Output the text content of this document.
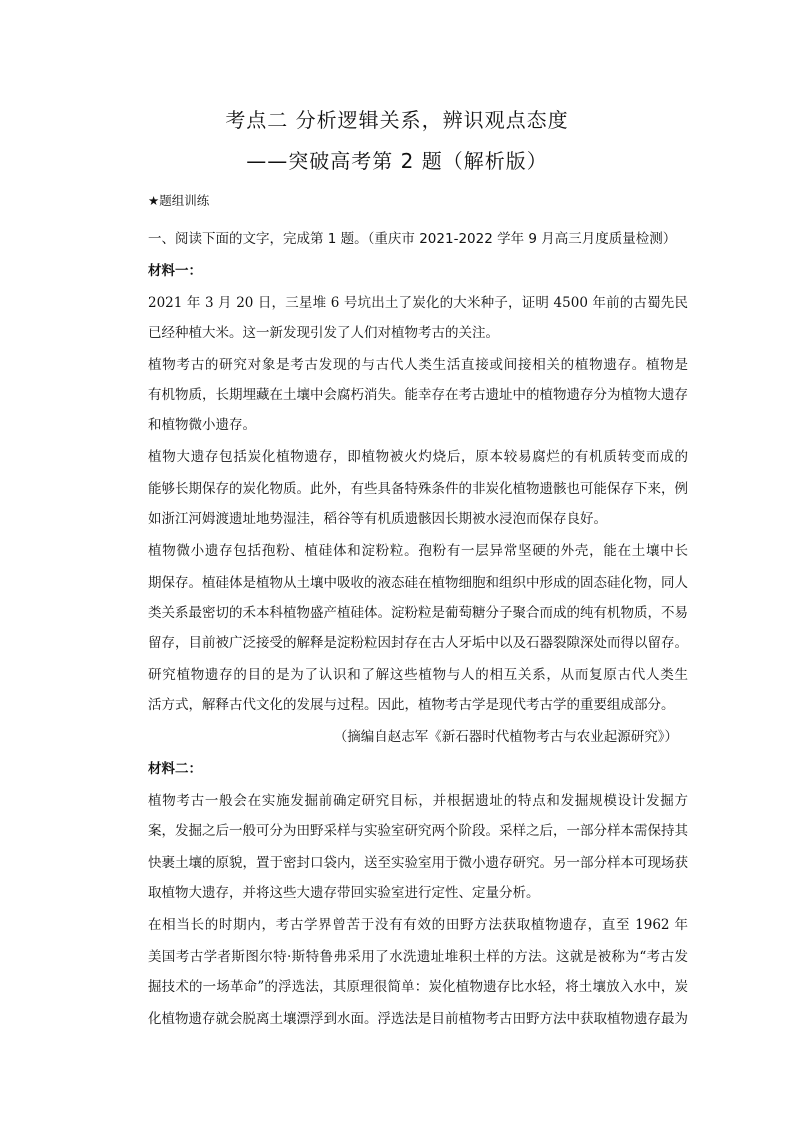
考点二 分析逻辑关系，辨识观点态度
——突破高考第 2 题（解析版）
★题组训练
一、阅读下面的文字，完成第 1 题。（重庆市 2021-2022 学年 9 月高三月度质量检测）
材料一：
2021 年 3 月 20 日，三星堆 6 号坑出土了炭化的大米种子，证明 4500 年前的古蜀先民
已经种植大米。这一新发现引发了人们对植物考古的关注。
植物考古的研究对象是考古发现的与古代人类生活直接或间接相关的植物遗存。植物是
有机物质，长期埋藏在土壤中会腐朽消失。能幸存在考古遗址中的植物遗存分为植物大遗存
和植物微小遗存。
植物大遗存包括炭化植物遗存，即植物被火灼烧后，原本较易腐烂的有机质转变而成的
能够长期保存的炭化物质。此外，有些具备特殊条件的非炭化植物遗骸也可能保存下来，例
如浙江河姆渡遗址地势湿洼，稻谷等有机质遗骸因长期被水浸泡而保存良好。
植物微小遗存包括孢粉、植硅体和淀粉粒。孢粉有一层异常坚硬的外壳，能在土壤中长
期保存。植硅体是植物从土壤中吸收的液态硅在植物细胞和组织中形成的固态硅化物，同人
类关系最密切的禾本科植物盛产植硅体。淀粉粒是葡萄糖分子聚合而成的纯有机物质，不易
留存，目前被广泛接受的解释是淀粉粒因封存在古人牙垢中以及石器裂隙深处而得以留存。
研究植物遗存的目的是为了认识和了解这些植物与人的相互关系，从而复原古代人类生
活方式，解释古代文化的发展与过程。因此，植物考古学是现代考古学的重要组成部分。
（摘编自赵志军《新石器时代植物考古与农业起源研究》）
材料二：
植物考古一般会在实施发掘前确定研究目标，并根据遗址的特点和发掘规模设计发掘方
案，发掘之后一般可分为田野采样与实验室研究两个阶段。采样之后，一部分样本需保持其
快裹土壤的原貌，置于密封口袋内，送至实验室用于微小遗存研究。另一部分样本可现场获
取植物大遗存，并将这些大遗存带回实验室进行定性、定量分析。
在相当长的时期内，考古学界曾苦于没有有效的田野方法获取植物遗存，直至 1962 年
美国考古学者斯图尔特·斯特鲁弗采用了水洗遗址堆积土样的方法。这就是被称为“考古发
掘技术的一场革命”的浮选法，其原理很简单：炭化植物遗存比水轻，将土壤放入水中，炭
化植物遗存就会脱离土壤漂浮到水面。浮选法是目前植物考古田野方法中获取植物遗存最为
